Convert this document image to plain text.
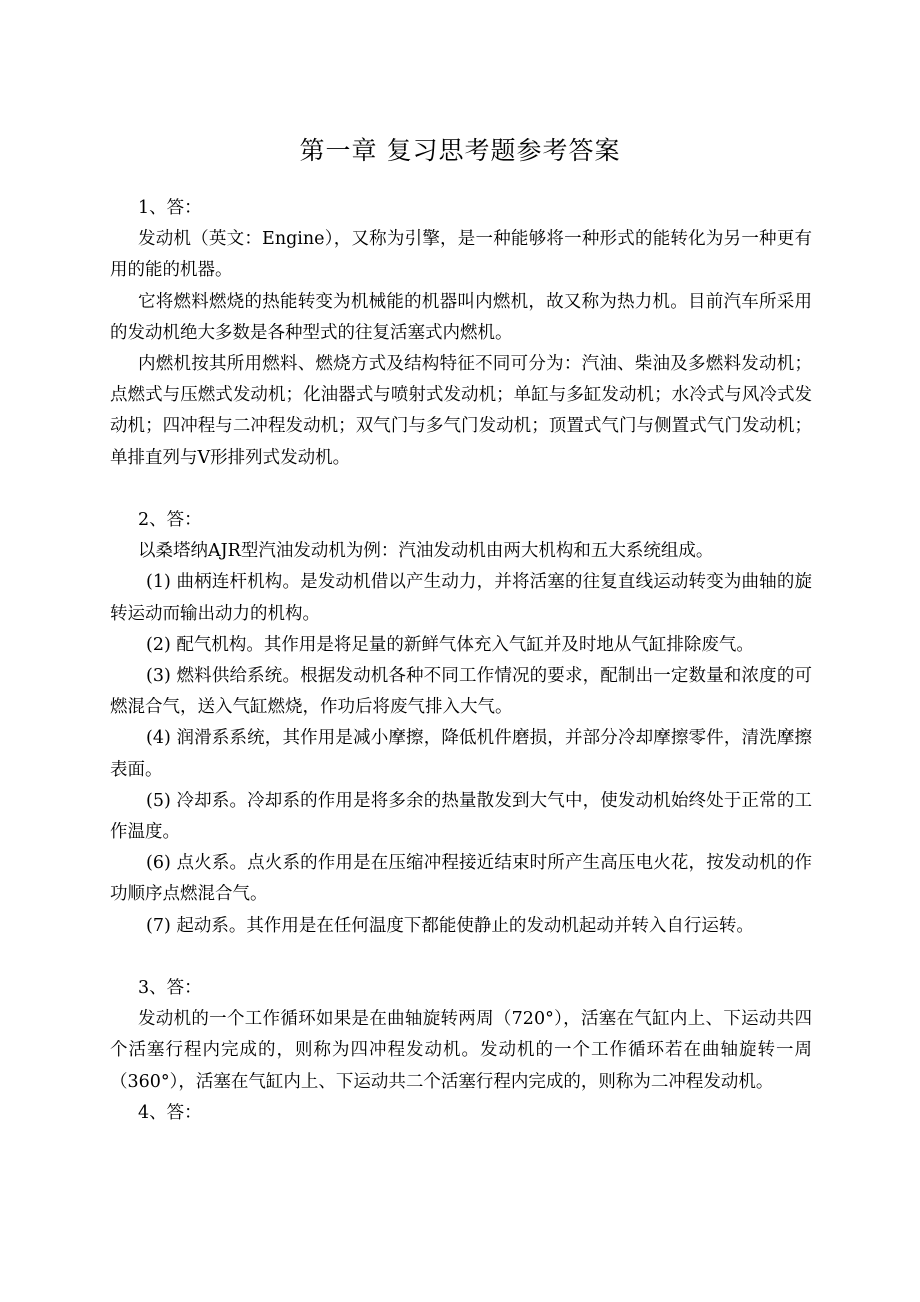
第一章 复习思考题参考答案

1、答：

发动机（英文：Engine），又称为引擎，是一种能够将一种形式的能转化为另一种更有用的能的机器。

它将燃料燃烧的热能转变为机械能的机器叫内燃机，故又称为热力机。目前汽车所采用的发动机绝大多数是各种型式的往复活塞式内燃机。

内燃机按其所用燃料、燃烧方式及结构特征不同可分为：汽油、柴油及多燃料发动机；点燃式与压燃式发动机；化油器式与喷射式发动机；单缸与多缸发动机；水冷式与风冷式发动机；四冲程与二冲程发动机；双气门与多气门发动机；顶置式气门与侧置式气门发动机；单排直列与V形排列式发动机。

2、答：

以桑塔纳AJR型汽油发动机为例：汽油发动机由两大机构和五大系统组成。

(1) 曲柄连杆机构。是发动机借以产生动力，并将活塞的往复直线运动转变为曲轴的旋转运动而输出动力的机构。

(2) 配气机构。其作用是将足量的新鲜气体充入气缸并及时地从气缸排除废气。

(3) 燃料供给系统。根据发动机各种不同工作情况的要求，配制出一定数量和浓度的可燃混合气，送入气缸燃烧，作功后将废气排入大气。

(4) 润滑系系统，其作用是减小摩擦，降低机件磨损，并部分冷却摩擦零件，清洗摩擦表面。

(5) 冷却系。冷却系的作用是将多余的热量散发到大气中，使发动机始终处于正常的工作温度。

(6) 点火系。点火系的作用是在压缩冲程接近结束时所产生高压电火花，按发动机的作功顺序点燃混合气。

(7) 起动系。其作用是在任何温度下都能使静止的发动机起动并转入自行运转。

3、答：

发动机的一个工作循环如果是在曲轴旋转两周（720°），活塞在气缸内上、下运动共四个活塞行程内完成的，则称为四冲程发动机。发动机的一个工作循环若在曲轴旋转一周（360°），活塞在气缸内上、下运动共二个活塞行程内完成的，则称为二冲程发动机。

4、答：
